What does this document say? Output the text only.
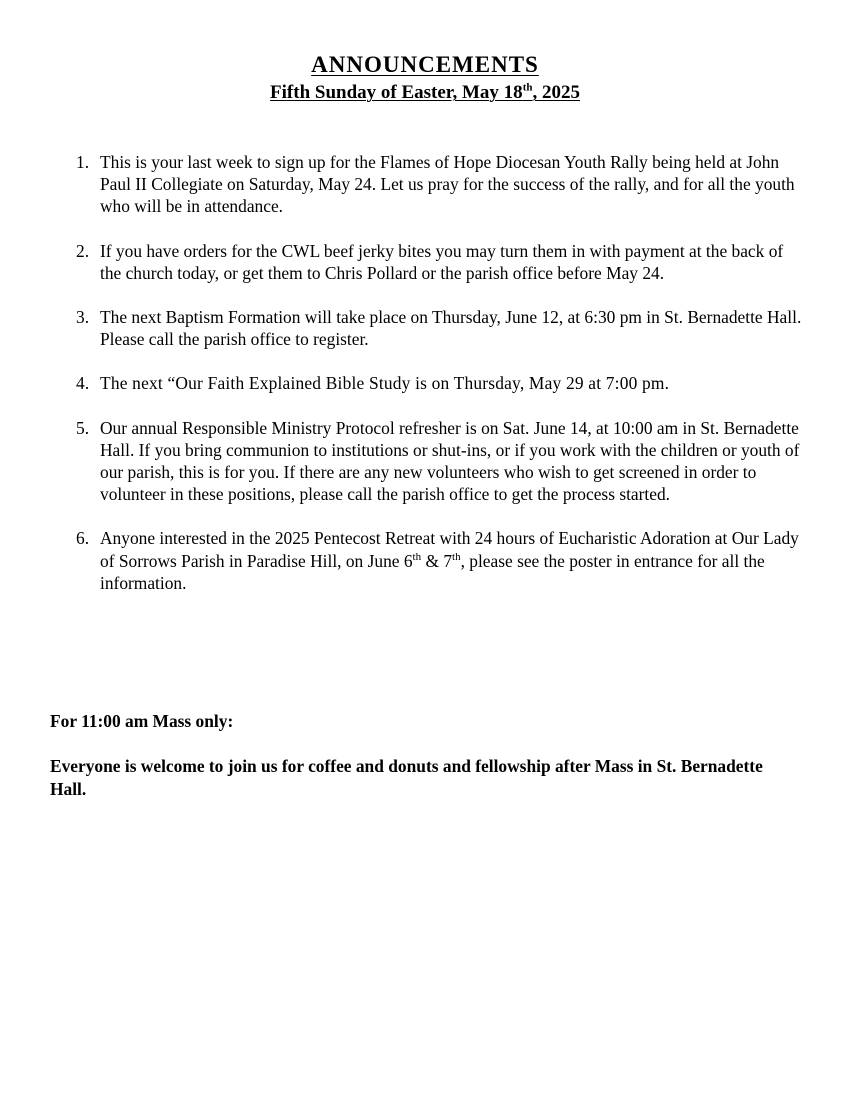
ANNOUNCEMENTS
Fifth Sunday of Easter, May 18th, 2025
1. This is your last week to sign up for the Flames of Hope Diocesan Youth Rally being held at John Paul II Collegiate on Saturday, May 24. Let us pray for the success of the rally, and for all the youth who will be in attendance.
2. If you have orders for the CWL beef jerky bites you may turn them in with payment at the back of the church today, or get them to Chris Pollard or the parish office before May 24.
3. The next Baptism Formation will take place on Thursday, June 12, at 6:30 pm in St. Bernadette Hall. Please call the parish office to register.
4. The next “Our Faith Explained Bible Study is on Thursday, May 29 at 7:00 pm.
5. Our annual Responsible Ministry Protocol refresher is on Sat. June 14, at 10:00 am in St. Bernadette Hall. If you bring communion to institutions or shut-ins, or if you work with the children or youth of our parish, this is for you. If there are any new volunteers who wish to get screened in order to volunteer in these positions, please call the parish office to get the process started.
6. Anyone interested in the 2025 Pentecost Retreat with 24 hours of Eucharistic Adoration at Our Lady of Sorrows Parish in Paradise Hill, on June 6th & 7th, please see the poster in entrance for all the information.
For 11:00 am Mass only:
Everyone is welcome to join us for coffee and donuts and fellowship after Mass in St. Bernadette Hall.
